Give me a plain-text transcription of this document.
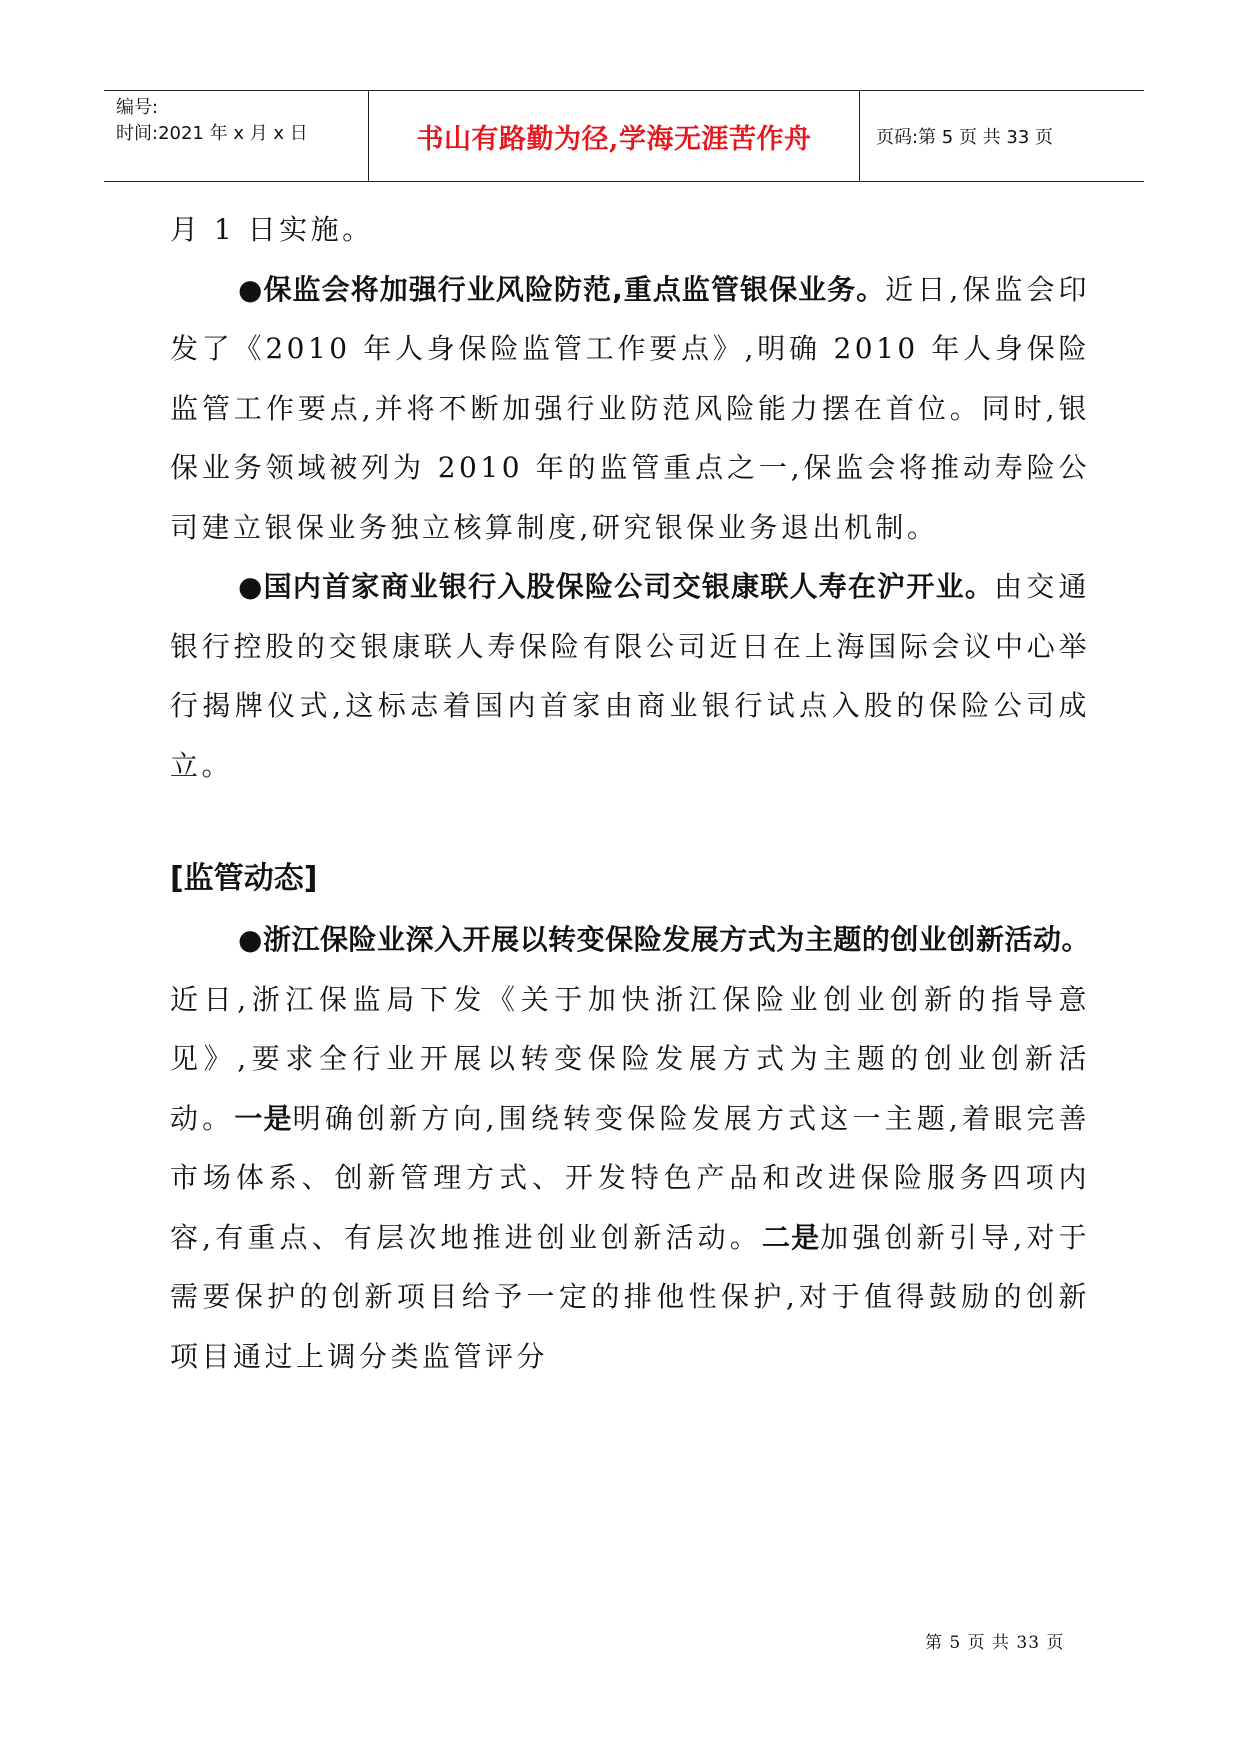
编号:
时间:2021 年 x 月 x 日	书山有路勤为径,学海无涯苦作舟	页码:第 5 页 共 33 页

月 1 日实施。

●保监会将加强行业风险防范,重点监管银保业务。近日,保监会印发了《2010 年人身保险监管工作要点》,明确 2010 年人身保险监管工作要点,并将不断加强行业防范风险能力摆在首位。同时,银保业务领域被列为 2010 年的监管重点之一,保监会将推动寿险公司建立银保业务独立核算制度,研究银保业务退出机制。

●国内首家商业银行入股保险公司交银康联人寿在沪开业。由交通银行控股的交银康联人寿保险有限公司近日在上海国际会议中心举行揭牌仪式,这标志着国内首家由商业银行试点入股的保险公司成立。

[监管动态]

●浙江保险业深入开展以转变保险发展方式为主题的创业创新活动。近日,浙江保监局下发《关于加快浙江保险业创业创新的指导意见》,要求全行业开展以转变保险发展方式为主题的创业创新活动。一是明确创新方向,围绕转变保险发展方式这一主题,着眼完善市场体系、创新管理方式、开发特色产品和改进保险服务四项内容,有重点、有层次地推进创业创新活动。二是加强创新引导,对于需要保护的创新项目给予一定的排他性保护,对于值得鼓励的创新项目通过上调分类监管评分

第 5 页 共 33 页
